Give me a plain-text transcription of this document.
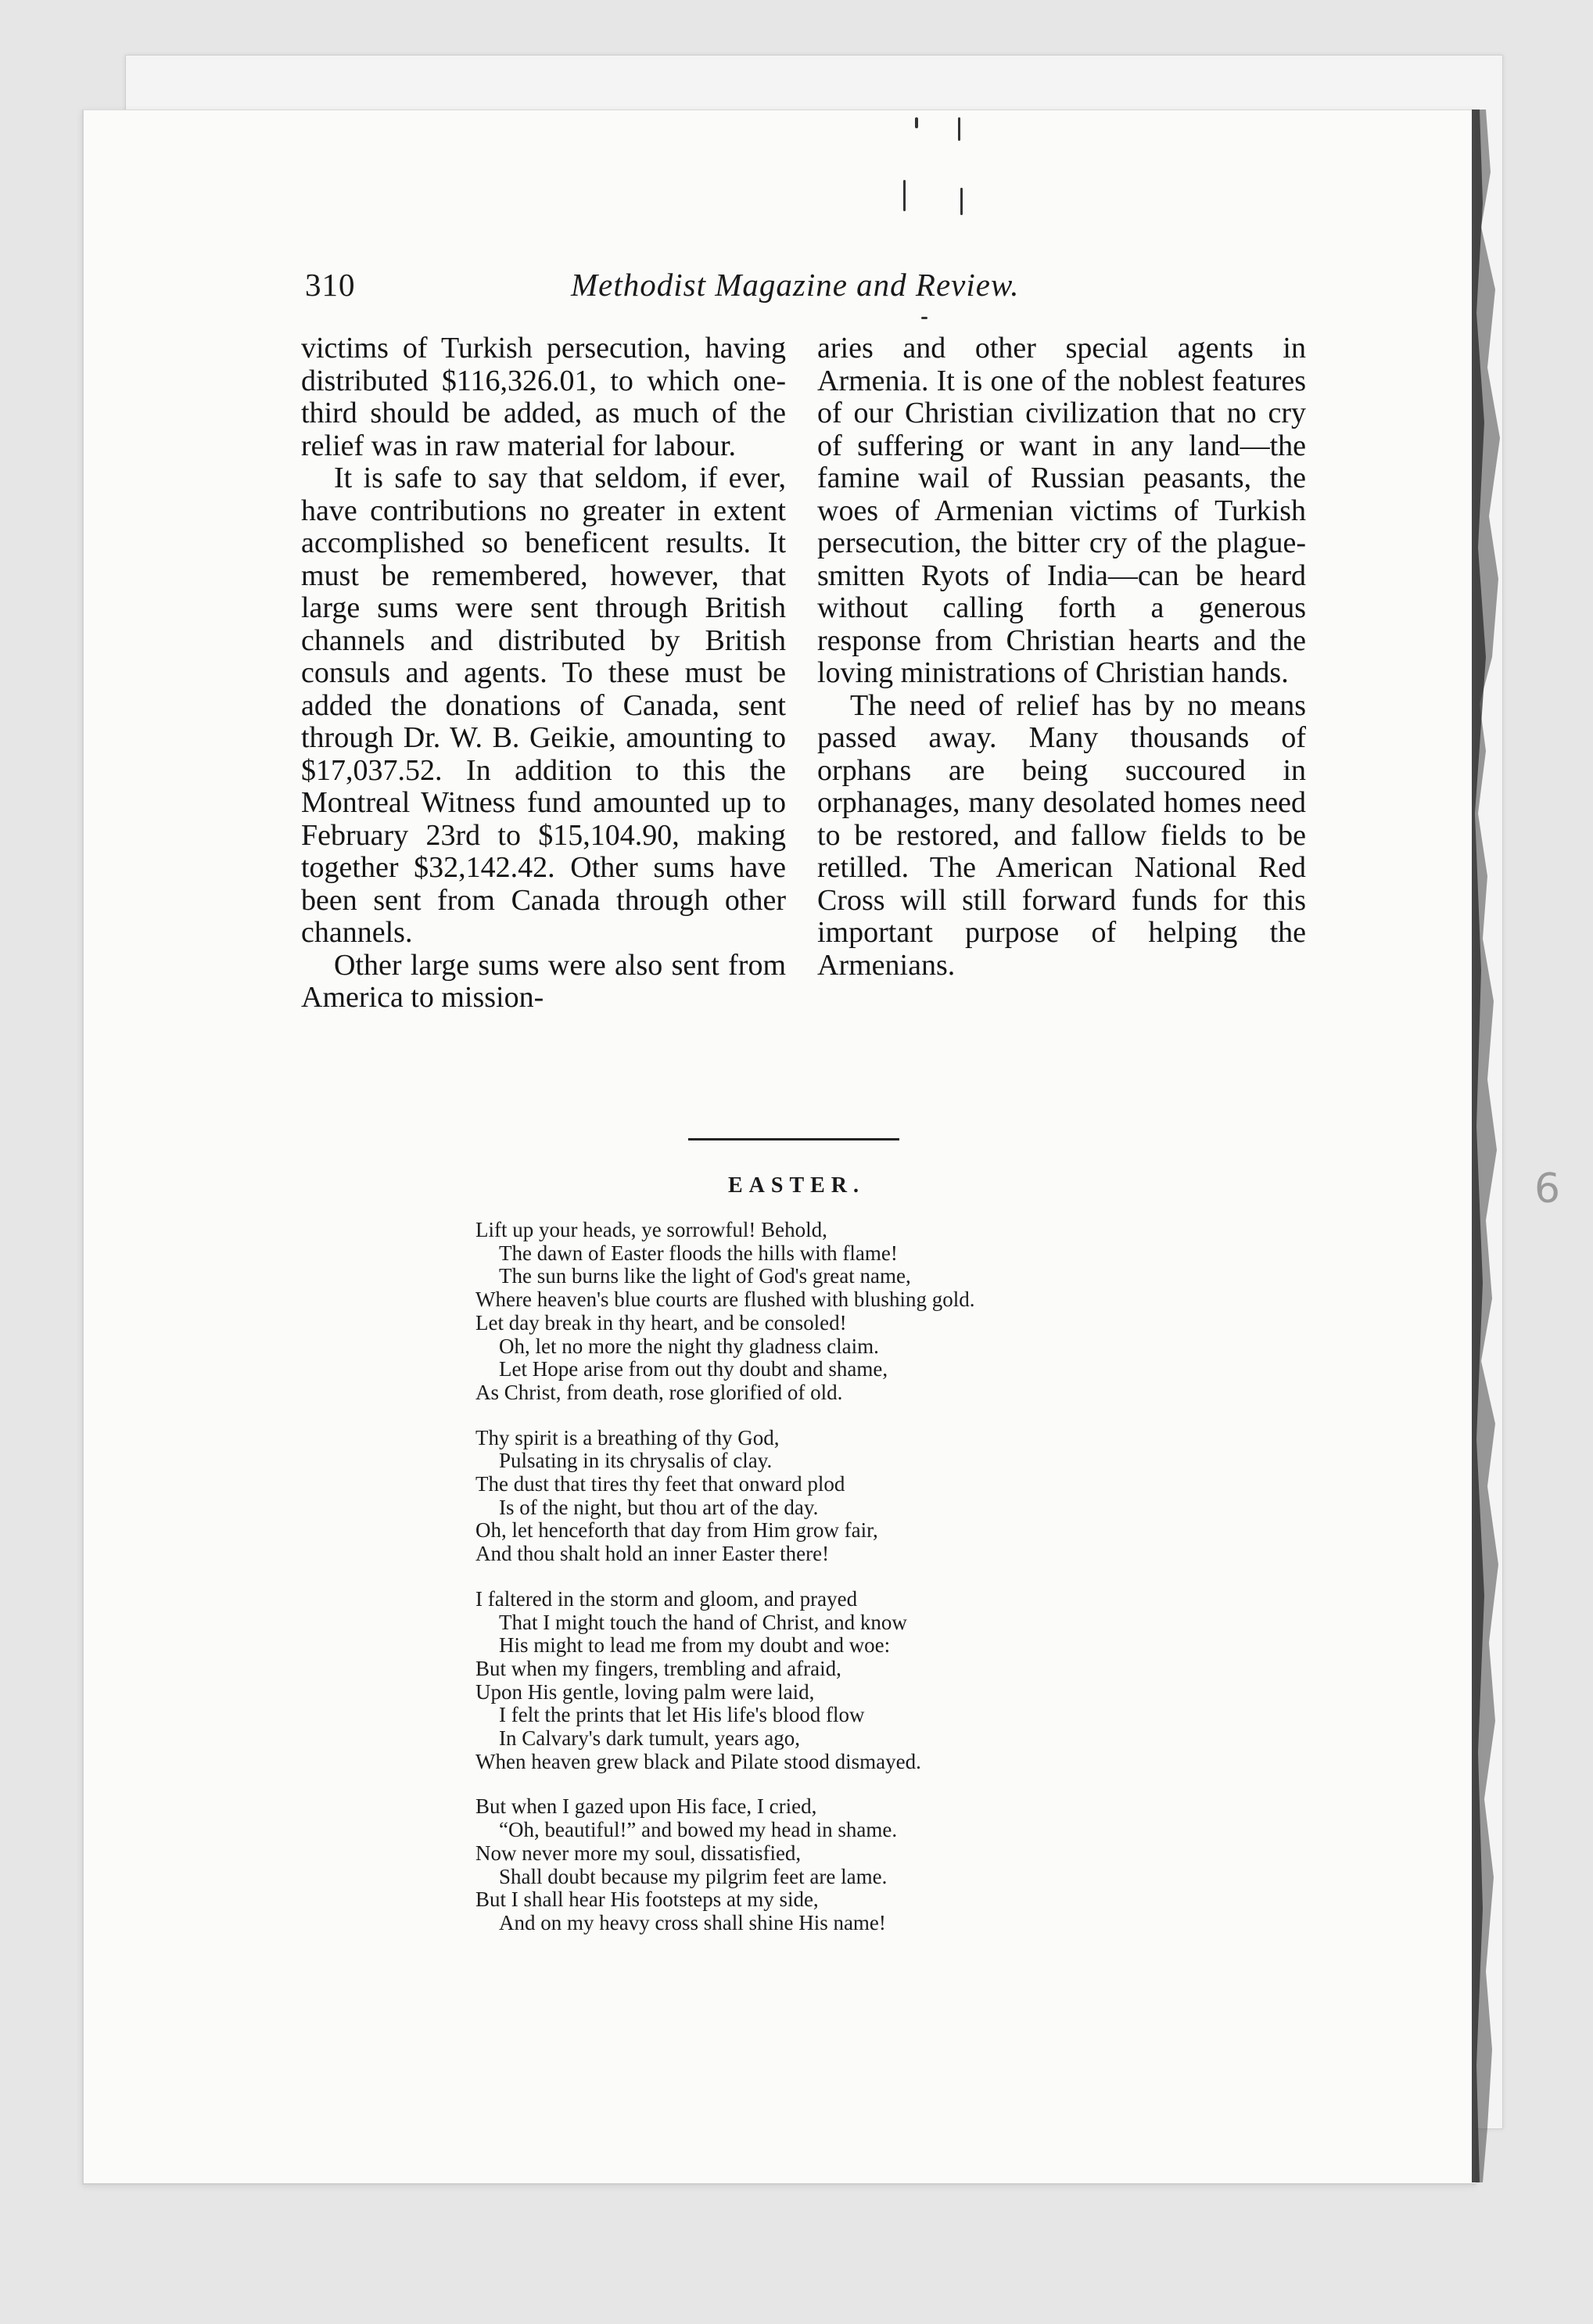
310	Methodist Magazine and Review.

victims of Turkish persecution, having distributed $116,326.01, to which one-third should be added, as much of the relief was in raw material for labour.

It is safe to say that seldom, if ever, have contributions no greater in extent accomplished so beneficent results. It must be remembered, however, that large sums were sent through British channels and distributed by British consuls and agents. To these must be added the donations of Canada, sent through Dr. W. B. Geikie, amounting to $17,037.52. In addition to this the Montreal Witness fund amounted up to February 23rd to $15,104.90, making together $32,142.42. Other sums have been sent from Canada through other channels.

Other large sums were also sent from America to mission-

aries and other special agents in Armenia. It is one of the noblest features of our Christian civilization that no cry of suffering or want in any land—the famine wail of Russian peasants, the woes of Armenian victims of Turkish persecution, the bitter cry of the plague-smitten Ryots of India—can be heard without calling forth a generous response from Christian hearts and the loving ministrations of Christian hands.

The need of relief has by no means passed away. Many thousands of orphans are being succoured in orphanages, many desolated homes need to be restored, and fallow fields to be retilled. The American National Red Cross will still forward funds for this important purpose of helping the Armenians.

EASTER.
Lift up your heads, ye sorrowful! Behold,
The dawn of Easter floods the hills with flame!
The sun burns like the light of God's great name,
Where heaven's blue courts are flushed with blushing gold.
Let day break in thy heart, and be consoled!
Oh, let no more the night thy gladness claim.
Let Hope arise from out thy doubt and shame,
As Christ, from death, rose glorified of old.
Thy spirit is a breathing of thy God,
Pulsating in its chrysalis of clay.
The dust that tires thy feet that onward plod
Is of the night, but thou art of the day.
Oh, let henceforth that day from Him grow fair,
And thou shalt hold an inner Easter there!
I faltered in the storm and gloom, and prayed
That I might touch the hand of Christ, and know
His might to lead me from my doubt and woe:
But when my fingers, trembling and afraid,
Upon His gentle, loving palm were laid,
I felt the prints that let His life's blood flow
In Calvary's dark tumult, years ago,
When heaven grew black and Pilate stood dismayed.
But when I gazed upon His face, I cried,
“Oh, beautiful!” and bowed my head in shame.
Now never more my soul, dissatisfied,
Shall doubt because my pilgrim feet are lame.
But I shall hear His footsteps at my side,
And on my heavy cross shall shine His name!
6
